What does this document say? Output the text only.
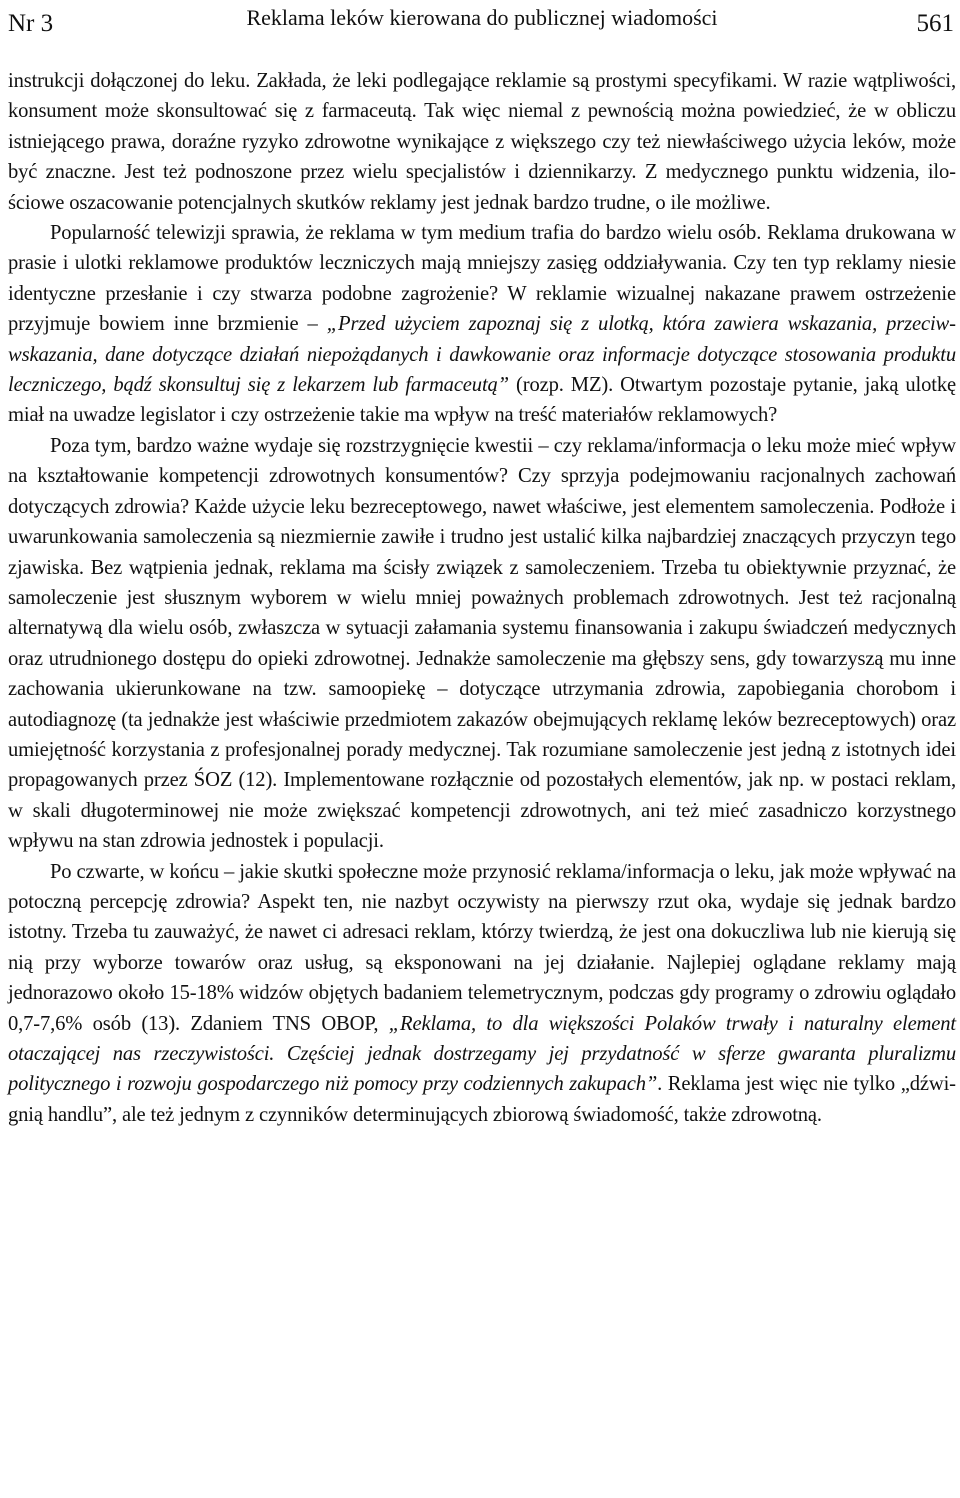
Nr 3	Reklama leków kierowana do publicznej wiadomości	561

instrukcji dołączonej do leku. Zakłada, że leki podlegające reklamie są prostymi specyfikami. W razie wątpliwości, konsument może skonsultować się z farmaceutą. Tak więc niemal z pewnością można powiedzieć, że w obliczu istniejącego prawa, doraźne ryzyko zdrowotne wynikające z większego czy też niewłaściwego użycia leków, może być znaczne. Jest też podnoszone przez wielu specjalistów i dziennikarzy. Z medycznego punktu widzenia, ilościowe oszacowanie potencjalnych skutków reklamy jest jednak bardzo trudne, o ile możliwe.

Popularność telewizji sprawia, że reklama w tym medium trafia do bardzo wielu osób. Reklama drukowana w prasie i ulotki reklamowe produktów leczniczych mają mniejszy zasięg oddziaływania. Czy ten typ reklamy niesie identyczne przesłanie i czy stwarza podobne zagrożenie? W reklamie wizualnej nakazane prawem ostrzeżenie przyjmuje bowiem inne brzmienie – „Przed użyciem zapoznaj się z ulotką, która zawiera wskazania, przeciwwskazania, dane dotyczące działań niepożądanych i dawkowanie oraz informacje dotyczące stosowania produktu leczniczego, bądź skonsultuj się z lekarzem lub farmaceutą” (rozp. MZ). Otwartym pozostaje pytanie, jaką ulotkę miał na uwadze legislator i czy ostrzeżenie takie ma wpływ na treść materiałów reklamowych?

Poza tym, bardzo ważne wydaje się rozstrzygnięcie kwestii – czy reklama/informacja o leku może mieć wpływ na kształtowanie kompetencji zdrowotnych konsumentów? Czy sprzyja podejmowaniu racjonalnych zachowań dotyczących zdrowia? Każde użycie leku bezreceptowego, nawet właściwe, jest elementem samoleczenia. Podłoże i uwarunkowania samoleczenia są niezmiernie zawiłe i trudno jest ustalić kilka najbardziej znaczących przyczyn tego zjawiska. Bez wątpienia jednak, reklama ma ścisły związek z samoleczeniem. Trzeba tu obiektywnie przyznać, że samoleczenie jest słusznym wyborem w wielu mniej poważnych problemach zdrowotnych. Jest też racjonalną alternatywą dla wielu osób, zwłaszcza w sytuacji załamania systemu finansowania i zakupu świadczeń medycznych oraz utrudnionego dostępu do opieki zdrowotnej. Jednakże samoleczenie ma głębszy sens, gdy towarzyszą mu inne zachowania ukierunkowane na tzw. samoopiekę – dotyczące utrzymania zdrowia, zapobiegania chorobom i autodiagnozę (ta jednakże jest właściwie przedmiotem zakazów obejmujących reklamę leków bezreceptowych) oraz umiejętność korzystania z profesjonalnej porady medycznej. Tak rozumiane samoleczenie jest jedną z istotnych idei propagowanych przez ŚOZ (12). Implementowane rozłącznie od pozostałych elementów, jak np. w postaci reklam, w skali długoterminowej nie może zwiększać kompetencji zdrowotnych, ani też mieć zasadniczo korzystnego wpływu na stan zdrowia jednostek i populacji.

Po czwarte, w końcu – jakie skutki społeczne może przynosić reklama/informacja o leku, jak może wpływać na potoczną percepcję zdrowia? Aspekt ten, nie nazbyt oczywisty na pierwszy rzut oka, wydaje się jednak bardzo istotny. Trzeba tu zauważyć, że nawet ci adresaci reklam, którzy twierdzą, że jest ona dokuczliwa lub nie kierują się nią przy wyborze towarów oraz usług, są eksponowani na jej działanie. Najlepiej oglądane reklamy mają jednorazowo około 15-18% widzów objętych badaniem telemetrycznym, podczas gdy programy o zdrowiu oglądało 0,7-7,6% osób (13). Zdaniem TNS OBOP, „Reklama, to dla większości Polaków trwały i naturalny element otaczającej nas rzeczywistości. Częściej jednak dostrzegamy jej przydatność w sferze gwaranta pluralizmu politycznego i rozwoju gospodarczego niż pomocy przy codziennych zakupach”. Reklama jest więc nie tylko „dźwignią handlu”, ale też jednym z czynników determinujących zbiorową świadomość, także zdrowotną.
